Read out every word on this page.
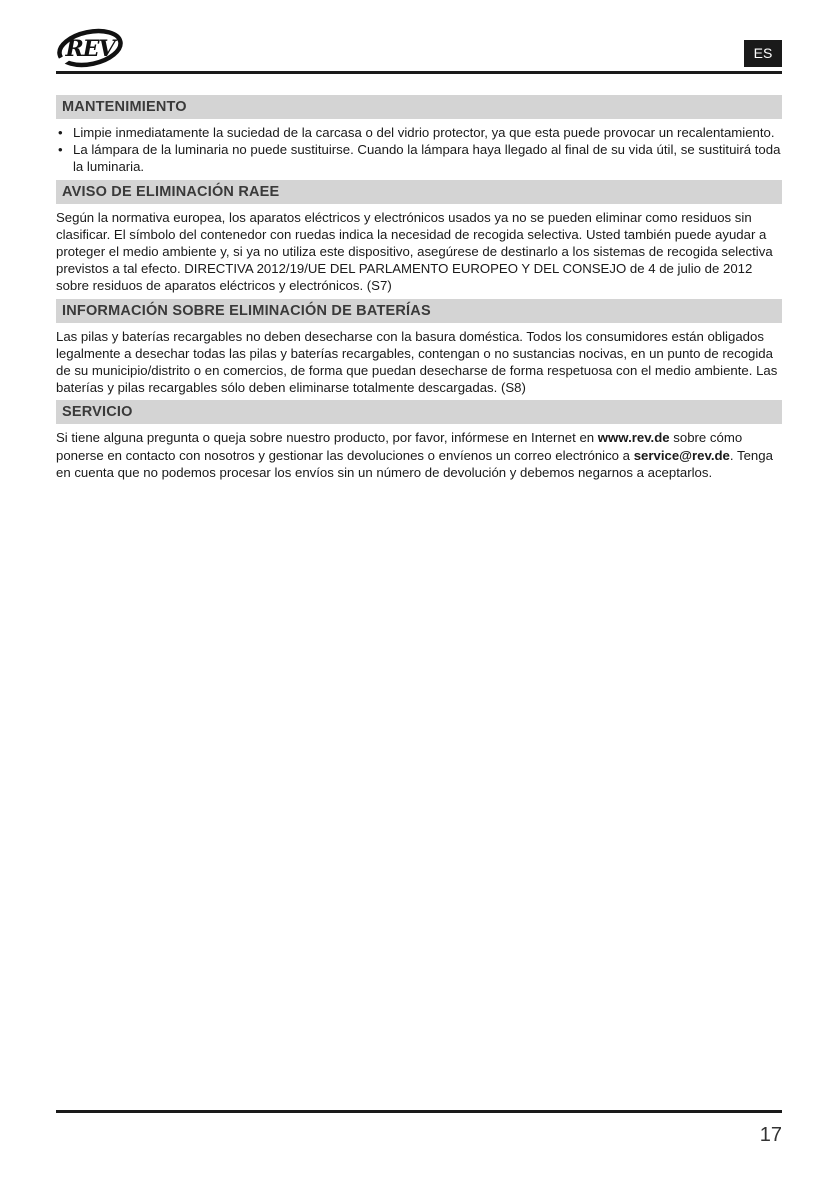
REV	ES
MANTENIMIENTO
• Limpie inmediatamente la suciedad de la carcasa o del vidrio protector, ya que esta puede provocar un recalentamiento.
• La lámpara de la luminaria no puede sustituirse. Cuando la lámpara haya llegado al final de su vida útil, se sustituirá toda la luminaria.
AVISO DE ELIMINACIÓN RAEE

Según la normativa europea, los aparatos eléctricos y electrónicos usados ya no se pueden eliminar como residuos sin clasificar. El símbolo del contenedor con ruedas indica la necesidad de recogida selectiva. Usted también puede ayudar a proteger el medio ambiente y, si ya no utiliza este dispositivo, asegúrese de destinarlo a los sistemas de recogida selectiva previstos a tal efecto. DIRECTIVA 2012/19/UE DEL PARLAMENTO EUROPEO Y DEL CONSEJO de 4 de julio de 2012 sobre residuos de aparatos eléctricos y electrónicos. (S7)

INFORMACIÓN SOBRE ELIMINACIÓN DE BATERÍAS

Las pilas y baterías recargables no deben desecharse con la basura doméstica. Todos los consumidores están obligados legalmente a desechar todas las pilas y baterías recargables, contengan o no sustancias nocivas, en un punto de recogida de su municipio/distrito o en comercios, de forma que puedan desecharse de forma respetuosa con el medio ambiente. Las baterías y pilas recargables sólo deben eliminarse totalmente descargadas. (S8)

SERVICIO

Si tiene alguna pregunta o queja sobre nuestro producto, por favor, infórmese en Internet en www.rev.de sobre cómo ponerse en contacto con nosotros y gestionar las devoluciones o envíenos un correo electrónico a service@rev.de. Tenga en cuenta que no podemos procesar los envíos sin un número de devolución y debemos negarnos a aceptarlos.

17
